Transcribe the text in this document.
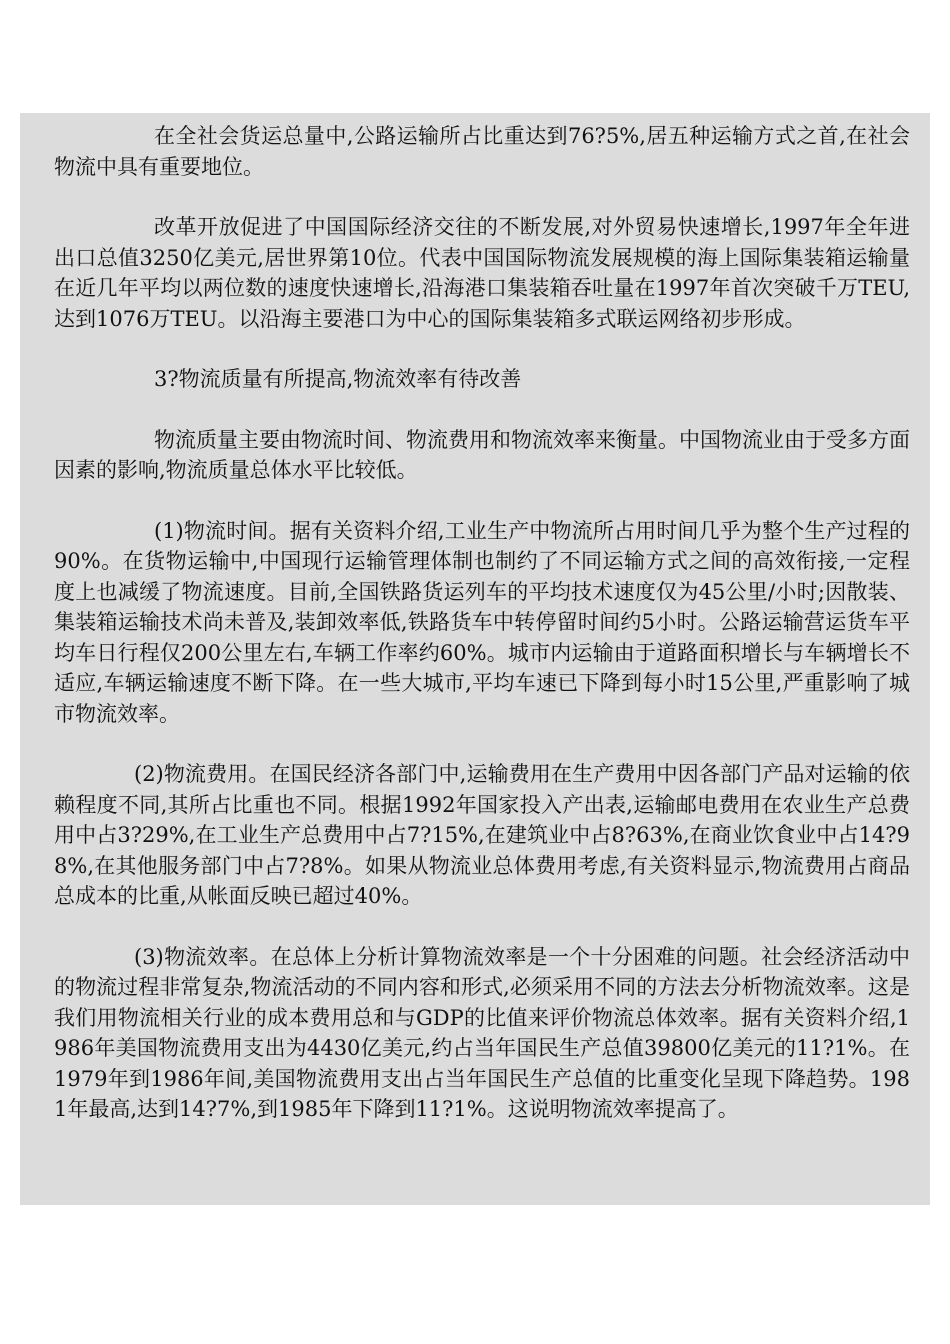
在全社会货运总量中,公路运输所占比重达到76?5%,居五种运输方式之首,在社会物流中具有重要地位。

改革开放促进了中国国际经济交往的不断发展,对外贸易快速增长,1997年全年进出口总值3250亿美元,居世界第10位。代表中国国际物流发展规模的海上国际集装箱运输量在近几年平均以两位数的速度快速增长,沿海港口集装箱吞吐量在1997年首次突破千万TEU,达到1076万TEU。以沿海主要港口为中心的国际集装箱多式联运网络初步形成。

3?物流质量有所提高,物流效率有待改善

物流质量主要由物流时间、物流费用和物流效率来衡量。中国物流业由于受多方面因素的影响,物流质量总体水平比较低。

(1)物流时间。据有关资料介绍,工业生产中物流所占用时间几乎为整个生产过程的90%。在货物运输中,中国现行运输管理体制也制约了不同运输方式之间的高效衔接,一定程度上也减缓了物流速度。目前,全国铁路货运列车的平均技术速度仅为45公里/小时;因散装、集装箱运输技术尚未普及,装卸效率低,铁路货车中转停留时间约5小时。公路运输营运货车平均车日行程仅200公里左右,车辆工作率约60%。城市内运输由于道路面积增长与车辆增长不适应,车辆运输速度不断下降。在一些大城市,平均车速已下降到每小时15公里,严重影响了城市物流效率。

(2)物流费用。在国民经济各部门中,运输费用在生产费用中因各部门产品对运输的依赖程度不同,其所占比重也不同。根据1992年国家投入产出表,运输邮电费用在农业生产总费用中占3?29%,在工业生产总费用中占7?15%,在建筑业中占8?63%,在商业饮食业中占14?98%,在其他服务部门中占7?8%。如果从物流业总体费用考虑,有关资料显示,物流费用占商品总成本的比重,从帐面反映已超过40%。

(3)物流效率。在总体上分析计算物流效率是一个十分困难的问题。社会经济活动中的物流过程非常复杂,物流活动的不同内容和形式,必须采用不同的方法去分析物流效率。这是我们用物流相关行业的成本费用总和与GDP的比值来评价物流总体效率。据有关资料介绍,1986年美国物流费用支出为4430亿美元,约占当年国民生产总值39800亿美元的11?1%。在1979年到1986年间,美国物流费用支出占当年国民生产总值的比重变化呈现下降趋势。1981年最高,达到14?7%,到1985年下降到11?1%。这说明物流效率提高了。
